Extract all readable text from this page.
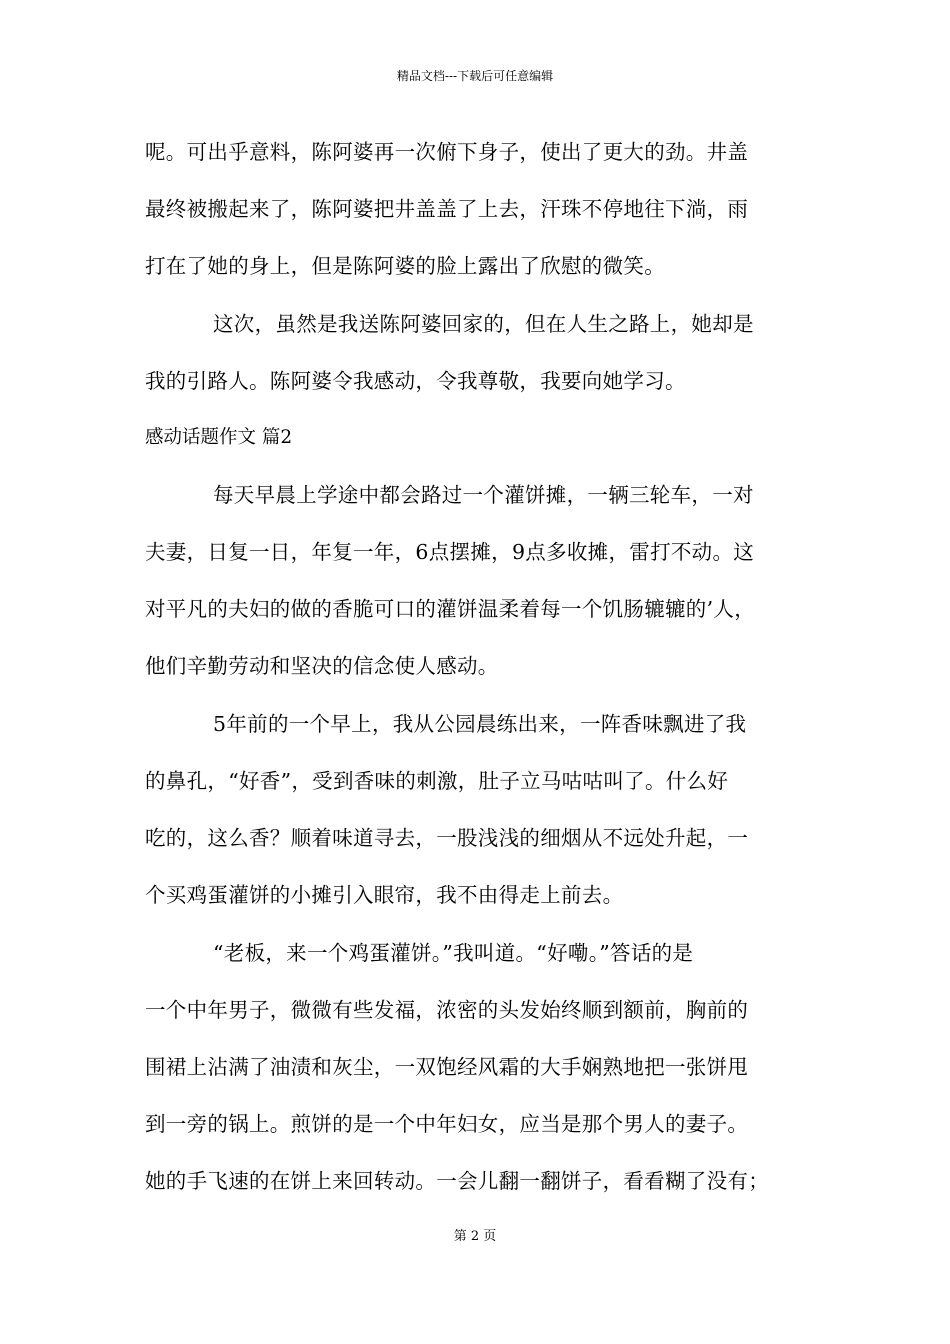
精品文档---下载后可任意编辑
呢。可出乎意料，陈阿婆再一次俯下身子，使出了更大的劲。井盖
最终被搬起来了，陈阿婆把井盖盖了上去，汗珠不停地往下淌，雨
打在了她的身上，但是陈阿婆的脸上露出了欣慰的微笑。
这次，虽然是我送陈阿婆回家的，但在人生之路上，她却是
我的引路人。陈阿婆令我感动，令我尊敬，我要向她学习。
感动话题作文 篇2
每天早晨上学途中都会路过一个灌饼摊，一辆三轮车，一对
夫妻，日复一日，年复一年，6点摆摊，9点多收摊，雷打不动。这
对平凡的夫妇的做的香脆可口的灌饼温柔着每一个饥肠辘辘的’人，
他们辛勤劳动和坚决的信念使人感动。
5年前的一个早上，我从公园晨练出来，一阵香味飘进了我
的鼻孔，“好香”，受到香味的刺激，肚子立马咕咕叫了。什么好
吃的，这么香？顺着味道寻去，一股浅浅的细烟从不远处升起，一
个买鸡蛋灌饼的小摊引入眼帘，我不由得走上前去。
“老板，来一个鸡蛋灌饼。”我叫道。“好嘞。”答话的是
一个中年男子，微微有些发福，浓密的头发始终顺到额前，胸前的
围裙上沾满了油渍和灰尘，一双饱经风霜的大手娴熟地把一张饼甩
到一旁的锅上。煎饼的是一个中年妇女，应当是那个男人的妻子。
她的手飞速的在饼上来回转动。一会儿翻一翻饼子，看看糊了没有；
第 2 页
